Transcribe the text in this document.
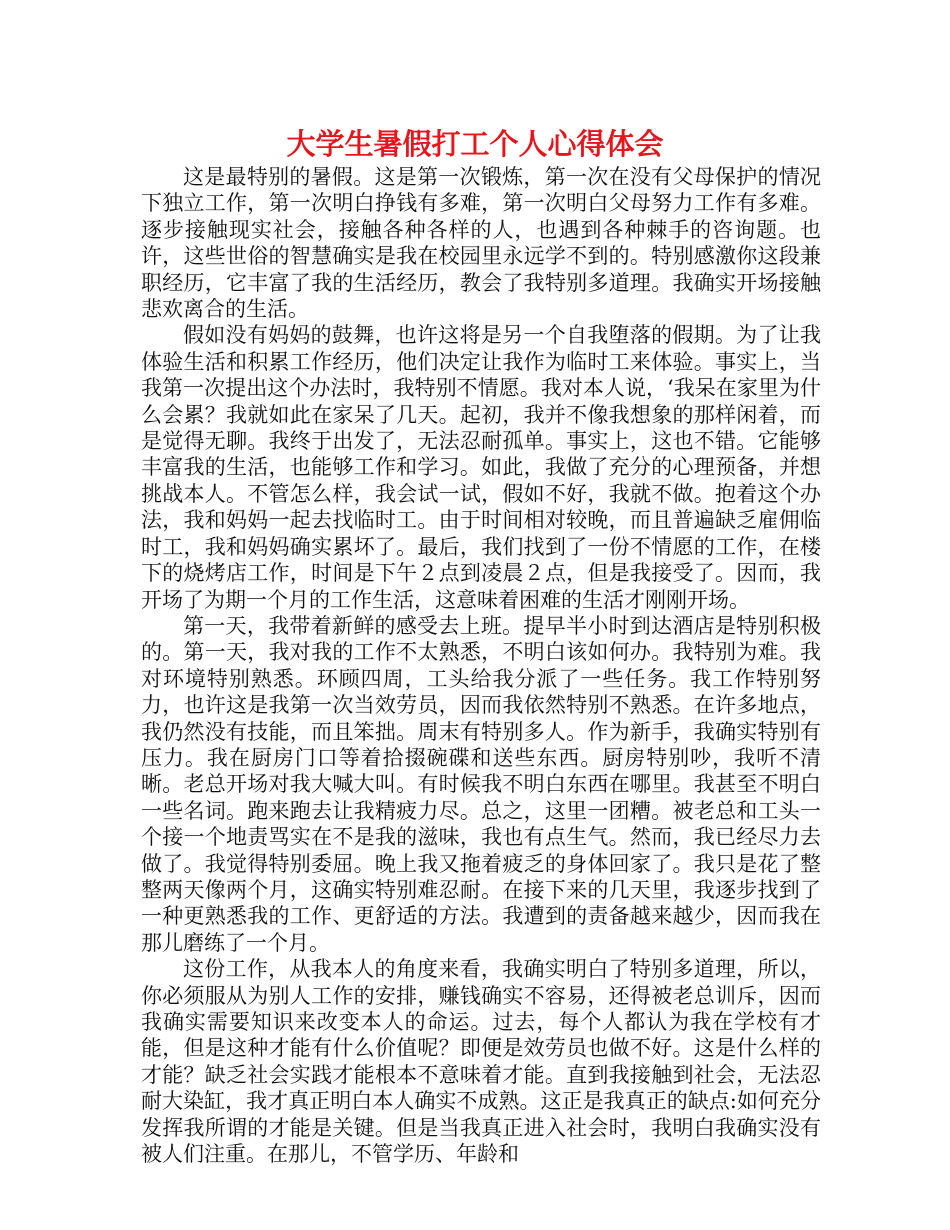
大学生暑假打工个人心得体会

这是最特别的暑假。这是第一次锻炼，第一次在没有父母保护的情况下独立工作，第一次明白挣钱有多难，第一次明白父母努力工作有多难。逐步接触现实社会，接触各种各样的人，也遇到各种棘手的咨询题。也许，这些世俗的智慧确实是我在校园里永远学不到的。特别感激你这段兼职经历，它丰富了我的生活经历，教会了我特别多道理。我确实开场接触悲欢离合的生活。

假如没有妈妈的鼓舞，也许这将是另一个自我堕落的假期。为了让我体验生活和积累工作经历，他们决定让我作为临时工来体验。事实上，当我第一次提出这个办法时，我特别不情愿。我对本人说，‘我呆在家里为什么会累？我就如此在家呆了几天。起初，我并不像我想象的那样闲着，而是觉得无聊。我终于出发了，无法忍耐孤单。事实上，这也不错。它能够丰富我的生活，也能够工作和学习。如此，我做了充分的心理预备，并想挑战本人。不管怎么样，我会试一试，假如不好，我就不做。抱着这个办法，我和妈妈一起去找临时工。由于时间相对较晚，而且普遍缺乏雇佣临时工，我和妈妈确实累坏了。最后，我们找到了一份不情愿的工作，在楼下的烧烤店工作，时间是下午２点到凌晨２点，但是我接受了。因而，我开场了为期一个月的工作生活，这意味着困难的生活才刚刚开场。

第一天，我带着新鲜的感受去上班。提早半小时到达酒店是特别积极的。第一天，我对我的工作不太熟悉，不明白该如何办。我特别为难。我对环境特别熟悉。环顾四周，工头给我分派了一些任务。我工作特别努力，也许这是我第一次当效劳员，因而我依然特别不熟悉。在许多地点，我仍然没有技能，而且笨拙。周末有特别多人。作为新手，我确实特别有压力。我在厨房门口等着拾掇碗碟和送些东西。厨房特别吵，我听不清晰。老总开场对我大喊大叫。有时候我不明白东西在哪里。我甚至不明白一些名词。跑来跑去让我精疲力尽。总之，这里一团糟。被老总和工头一个接一个地责骂实在不是我的滋味，我也有点生气。然而，我已经尽力去做了。我觉得特别委屈。晚上我又拖着疲乏的身体回家了。我只是花了整整两天像两个月，这确实特别难忍耐。在接下来的几天里，我逐步找到了一种更熟悉我的工作、更舒适的方法。我遭到的责备越来越少，因而我在那儿磨练了一个月。

这份工作，从我本人的角度来看，我确实明白了特别多道理，所以，你必须服从为别人工作的安排，赚钱确实不容易，还得被老总训斥，因而我确实需要知识来改变本人的命运。过去，每个人都认为我在学校有才能，但是这种才能有什么价值呢？即便是效劳员也做不好。这是什么样的才能？缺乏社会实践才能根本不意味着才能。直到我接触到社会，无法忍耐大染缸，我才真正明白本人确实不成熟。这正是我真正的缺点:如何充分发挥我所谓的才能是关键。但是当我真正进入社会时，我明白我确实没有被人们注重。在那儿，不管学历、年龄和
